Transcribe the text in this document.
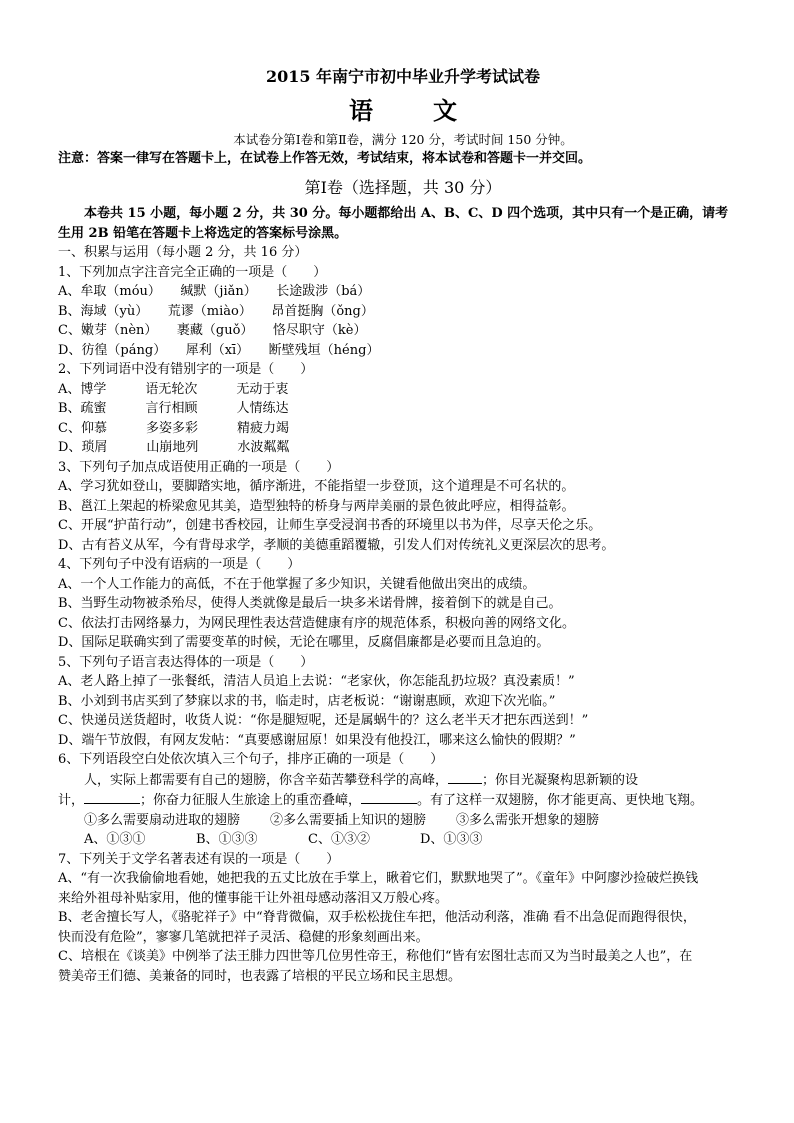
2015 年南宁市初中毕业升学考试试卷
语文
本试卷分第Ⅰ卷和第Ⅱ卷，满分 120 分，考试时间 150 分钟。
注意：答案一律写在答题卡上，在试卷上作答无效，考试结束，将本试卷和答题卡一并交回。
第Ⅰ卷（选择题，共 30 分）
本卷共 15 小题，每小题 2 分，共 30 分。每小题都给出 A、B、C、D 四个选项，其中只有一个是正确，请考
生用 2B 铅笔在答题卡上将选定的答案标号涂黑。
一、积累与运用（每小题 2 分，共 16 分）
1、下列加点字注音完全正确的一项是（　　）
A、牟取（móu）　　缄默（jiǎn）　　长途跋涉（bá）
B、海域（yù）　　荒谬（miào）　　昂首挺胸（ǒng）
C、嫩芽（nèn）　　裹藏（guǒ）　　恪尽职守（kè）
D、彷徨（páng）　　犀利（xī）　　断壁残垣（héng）
2、下列词语中没有错别字的一项是（　　）
A、博学　　　语无轮次　　　无动于衷
B、疏蜜　　　言行相顾　　　人情练达
C、仰慕　　　多姿多彩　　　精疲力竭
D、琐屑　　　山崩地列　　　水波粼粼
3、下列句子加点成语使用正确的一项是（　　）
A、学习犹如登山，要脚踏实地，循序渐进，不能指望一步登顶，这个道理是不可名状的。
B、邕江上架起的桥梁愈见其美，造型独特的桥身与两岸美丽的景色彼此呼应，相得益彰。
C、开展“护苗行动”，创建书香校园，让师生享受浸润书香的环境里以书为伴，尽享天伦之乐。
D、古有苔义从军，今有背母求学，孝顺的美德重蹈覆辙，引发人们对传统礼义更深层次的思考。
4、下列句子中没有语病的一项是（　　）
A、一个人工作能力的高低，不在于他掌握了多少知识，关键看他做出突出的成绩。
B、当野生动物被杀殆尽，使得人类就像是最后一块多米诺骨牌，接着倒下的就是自己。
C、依法打击网络暴力，为网民理性表达营造健康有序的规范体系，积极向善的网络文化。
D、国际足联确实到了需要变革的时候，无论在哪里，反腐倡廉都是必要而且急迫的。
5、下列句子语言表达得体的一项是（　　）
A、老人路上掉了一张餐纸，清洁人员追上去说：“老家伙，你怎能乱扔垃圾？真没素质！”
B、小刘到书店买到了梦寐以求的书，临走时，店老板说：“谢谢惠顾，欢迎下次光临。”
C、快递员送货超时，收货人说：“你是腿短呢，还是属蜗牛的？这么老半天才把东西送到！”
D、端午节放假，有网友发帖：“真要感谢屈原！如果没有他投江，哪来这么愉快的假期？”
6、下列语段空白处依次填入三个句子，排序正确的一项是（　　）
人，实际上都需要有自己的翅膀，你含辛茹苦攀登科学的高峰，	；你目光凝聚构思新颖的设
计，	；你奋力征服人生旅途上的重峦叠嶂，	。有了这样一双翅膀，你才能更高、更快地飞翔。
①多么需要扇动进取的翅膀 ②多么需要插上知识的翅膀 ③多么需张开想象的翅膀
A、①③①	B、①③③	C、①③②	D、①③③
7、下列关于文学名著表述有误的一项是（　　）
A、“有一次我偷偷地看她，她把我的五丈比放在手掌上，瞅着它们，默默地哭了”。《童年》中阿廖沙捡破烂换钱
来给外祖母补贴家用，他的懂事能干让外祖母感动落泪又万般心疼。
B、老舍擅长写人，《骆驼祥子》中“脊背微偏，双手松松拢住车把，他活动利落，准确 看不出急促而跑得很快，
快而没有危险”，寥寥几笔就把祥子灵活、稳健的形象刻画出来。
C、培根在《谈美》中例举了法王腓力四世等几位男性帝王，称他们“皆有宏图壮志而又为当时最美之人也”，在
赞美帝王们德、美兼备的同时，也表露了培根的平民立场和民主思想。
